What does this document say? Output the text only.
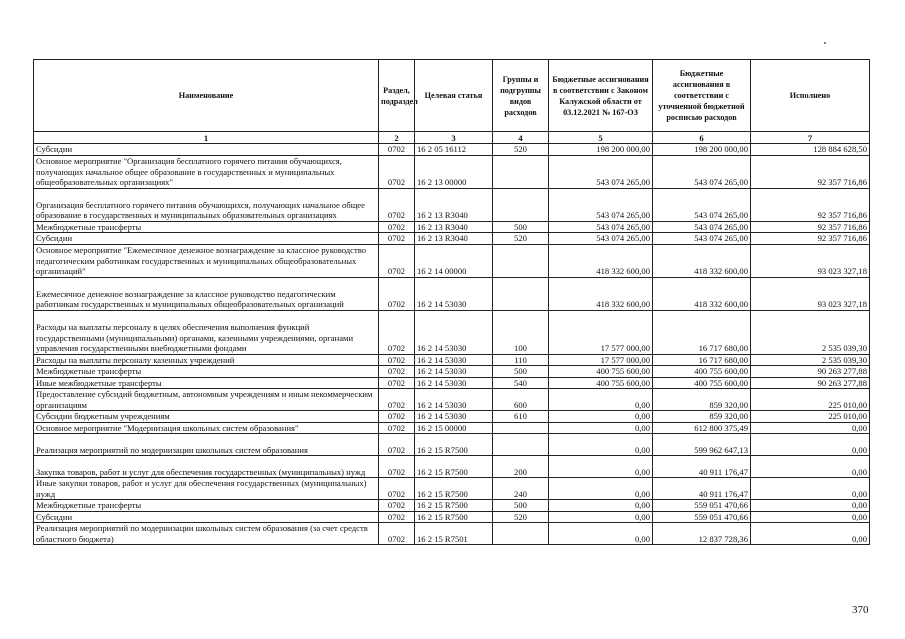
Наименование	Раздел, подраздел	Целевая статья	Группы и подгруппы видов расходов	Бюджетные ассигнования в соответствии с Законом Калужской области от 03.12.2021 № 167-ОЗ	Бюджетные ассигнования в соответствии с уточненной бюджетной росписью расходов	Исполнено
1	2	3	4	5	6	7
Субсидии	0702	16 2 05 16112	520	198 200 000,00	198 200 000,00	128 884 628,50
Основное мероприятие "Организация бесплатного горячего питания обучающихся, получающих начальное общее образование в государственных и муниципальных общеобразовательных организациях"	0702	16 2 13 00000		543 074 265,00	543 074 265,00	92 357 716,86
Организация бесплатного горячего питания обучающихся, получающих начальное общее образование в государственных и муниципальных образовательных организациях	0702	16 2 13 R3040		543 074 265,00	543 074 265,00	92 357 716,86
Межбюджетные трансферты	0702	16 2 13 R3040	500	543 074 265,00	543 074 265,00	92 357 716,86
Субсидии	0702	16 2 13 R3040	520	543 074 265,00	543 074 265,00	92 357 716,86
Основное мероприятие "Ежемесячное денежное вознаграждение за классное руководство педагогическим работникам государственных и муниципальных общеобразовательных организаций"	0702	16 2 14 00000		418 332 600,00	418 332 600,00	93 023 327,18
Ежемесячное денежное вознаграждение за классное руководство педагогическим работникам государственных и муниципальных общеобразовательных организаций	0702	16 2 14 53030		418 332 600,00	418 332 600,00	93 023 327,18
Расходы на выплаты персоналу в целях обеспечения выполнения функций государственными (муниципальными) органами, казенными учреждениями, органами управления государственными внебюджетными фондами	0702	16 2 14 53030	100	17 577 000,00	16 717 680,00	2 535 039,30
Расходы на выплаты персоналу казенных учреждений	0702	16 2 14 53030	110	17 577 000,00	16 717 680,00	2 535 039,30
Межбюджетные трансферты	0702	16 2 14 53030	500	400 755 600,00	400 755 600,00	90 263 277,88
Иные межбюджетные трансферты	0702	16 2 14 53030	540	400 755 600,00	400 755 600,00	90 263 277,88
Предоставление субсидий бюджетным, автономным учреждениям и иным некоммерческим организациям	0702	16 2 14 53030	600	0,00	859 320,00	225 010,00
Субсидии бюджетным учреждениям	0702	16 2 14 53030	610	0,00	859 320,00	225 010,00
Основное мероприятие "Модернизация школьных систем образования"	0702	16 2 15 00000		0,00	612 800 375,49	0,00
Реализация мероприятий по модернизации школьных систем образования	0702	16 2 15 R7500		0,00	599 962 647,13	0,00
Закупка товаров, работ и услуг для обеспечения государственных (муниципальных) нужд	0702	16 2 15 R7500	200	0,00	40 911 176,47	0,00
Иные закупки товаров, работ и услуг для обеспечения государственных (муниципальных) нужд	0702	16 2 15 R7500	240	0,00	40 911 176,47	0,00
Межбюджетные трансферты	0702	16 2 15 R7500	500	0,00	559 051 470,66	0,00
Субсидии	0702	16 2 15 R7500	520	0,00	559 051 470,66	0,00
Реализация мероприятий по модернизации школьных систем образования (за счет средств областного бюджета)	0702	16 2 15 R7501		0,00	12 837 728,36	0,00
370
